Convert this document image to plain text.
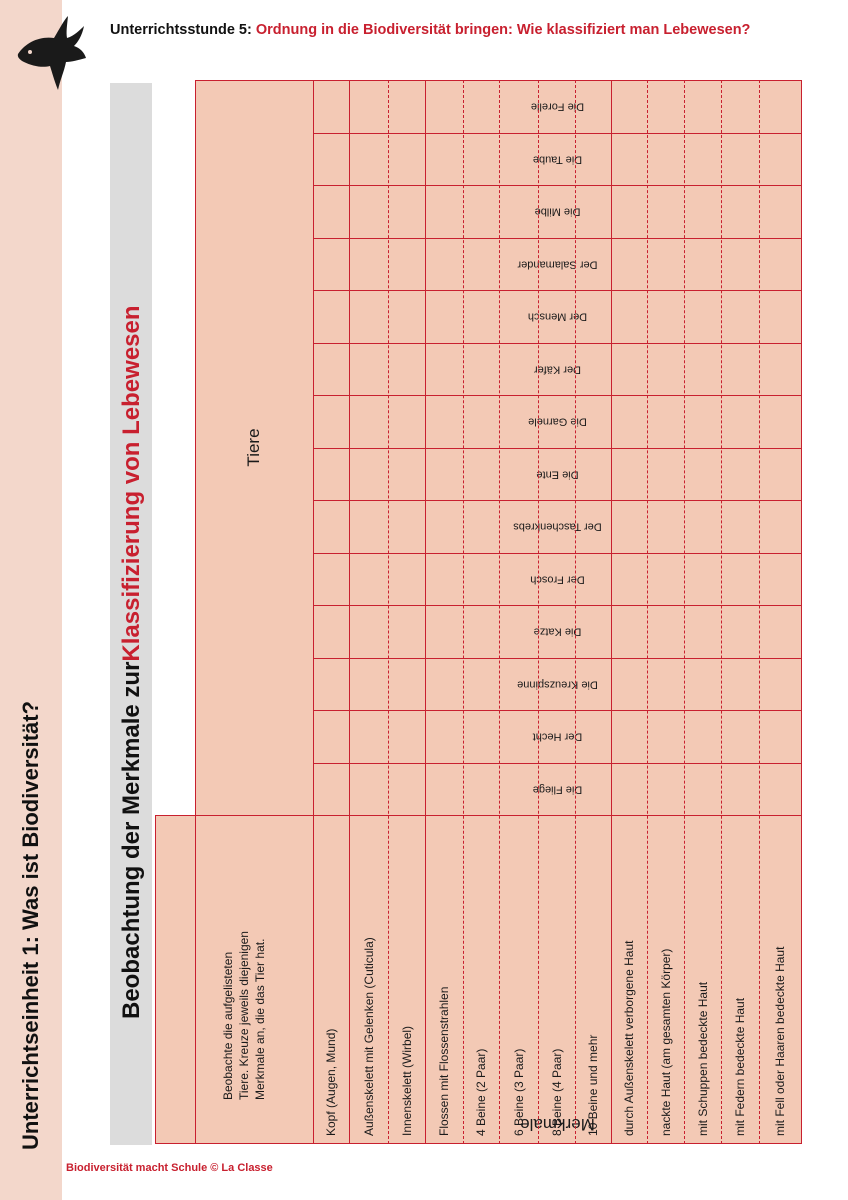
Unterrichtseinheit 1: Was ist Biodiversität?
Unterrichtsstunde 5: Ordnung in die Biodiversität bringen: Wie klassifiziert man Lebewesen?
Beobachtung der Merkmale zur
Klassifizierung von Lebewesen	Tiere
Merkmale
Beobachte die aufgelisteten Tiere. Kreuze jeweils diejenigen Merkmale an, die das Tier hat.
Die Fliege
Der Hecht
Die Kreuzspinne
Die Katze
Der Frosch
Der Taschenkrebs
Die Ente
Die Garnele
Der Käfer
Der Mensch
Der Salamander
Die Milbe
Die Taube
Die Forelle
Kopf (Augen, Mund)	Außenskelett mit Gelenken (Cuticula)	Innenskelett (Wirbel)	Flossen mit Flossenstrahlen	4 Beine (2 Paar)	6 Beine (3 Paar)	8 Beine (4 Paar)	10 Beine und mehr	durch Außenskelett verborgene Haut	nackte Haut (am gesamten Körper)	mit Schuppen bedeckte Haut	mit Federn bedeckte Haut	mit Fell oder Haaren bedeckte Haut
Biodiversität macht Schule © La Classe
